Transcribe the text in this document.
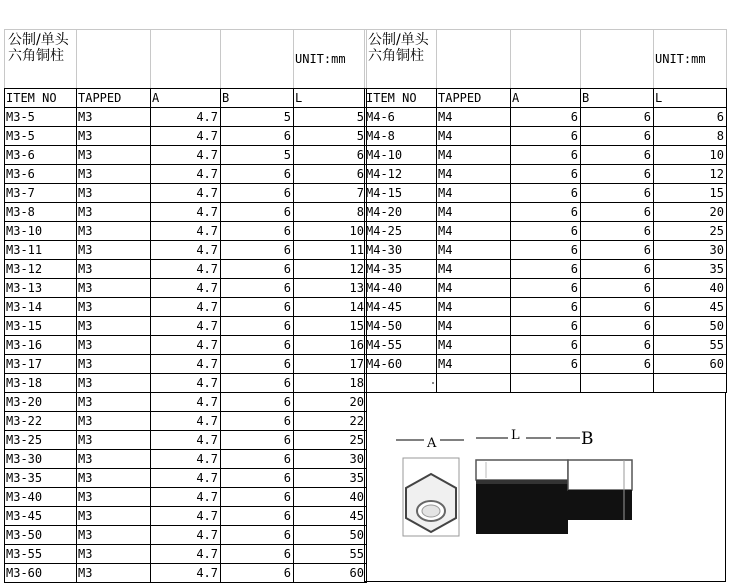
ITEM NO	TAPPED	A	B	L
M3-5	M3	4.7	5	5
M3-5	M3	4.7	6	5
M3-6	M3	4.7	5	6
M3-6	M3	4.7	6	6
M3-7	M3	4.7	6	7
M3-8	M3	4.7	6	8
M3-10	M3	4.7	6	10
M3-11	M3	4.7	6	11
M3-12	M3	4.7	6	12
M3-13	M3	4.7	6	13
M3-14	M3	4.7	6	14
M3-15	M3	4.7	6	15
M3-16	M3	4.7	6	16
M3-17	M3	4.7	6	17
M3-18	M3	4.7	6	18
M3-20	M3	4.7	6	20
M3-22	M3	4.7	6	22
M3-25	M3	4.7	6	25
M3-30	M3	4.7	6	30
M3-35	M3	4.7	6	35
M3-40	M3	4.7	6	40
M3-45	M3	4.7	6	45
M3-50	M3	4.7	6	50
M3-55	M3	4.7	6	55
M3-60	M3	4.7	6	60
ITEM NO	TAPPED	A	B	L
M4-6	M4	6	6	6
M4-8	M4	6	6	8
M4-10	M4	6	6	10
M4-12	M4	6	6	12
M4-15	M4	6	6	15
M4-20	M4	6	6	20
M4-25	M4	6	6	25
M4-30	M4	6	6	30
M4-35	M4	6	6	35
M4-40	M4	6	6	40
M4-45	M4	6	6	45
M4-50	M4	6	6	50
M4-55	M4	6	6	55
M4-60	M4	6	6	60
公制/单头六角铜柱	UNIT:mm
公制/单头六角铜柱	UNIT:mm
A
L	B
